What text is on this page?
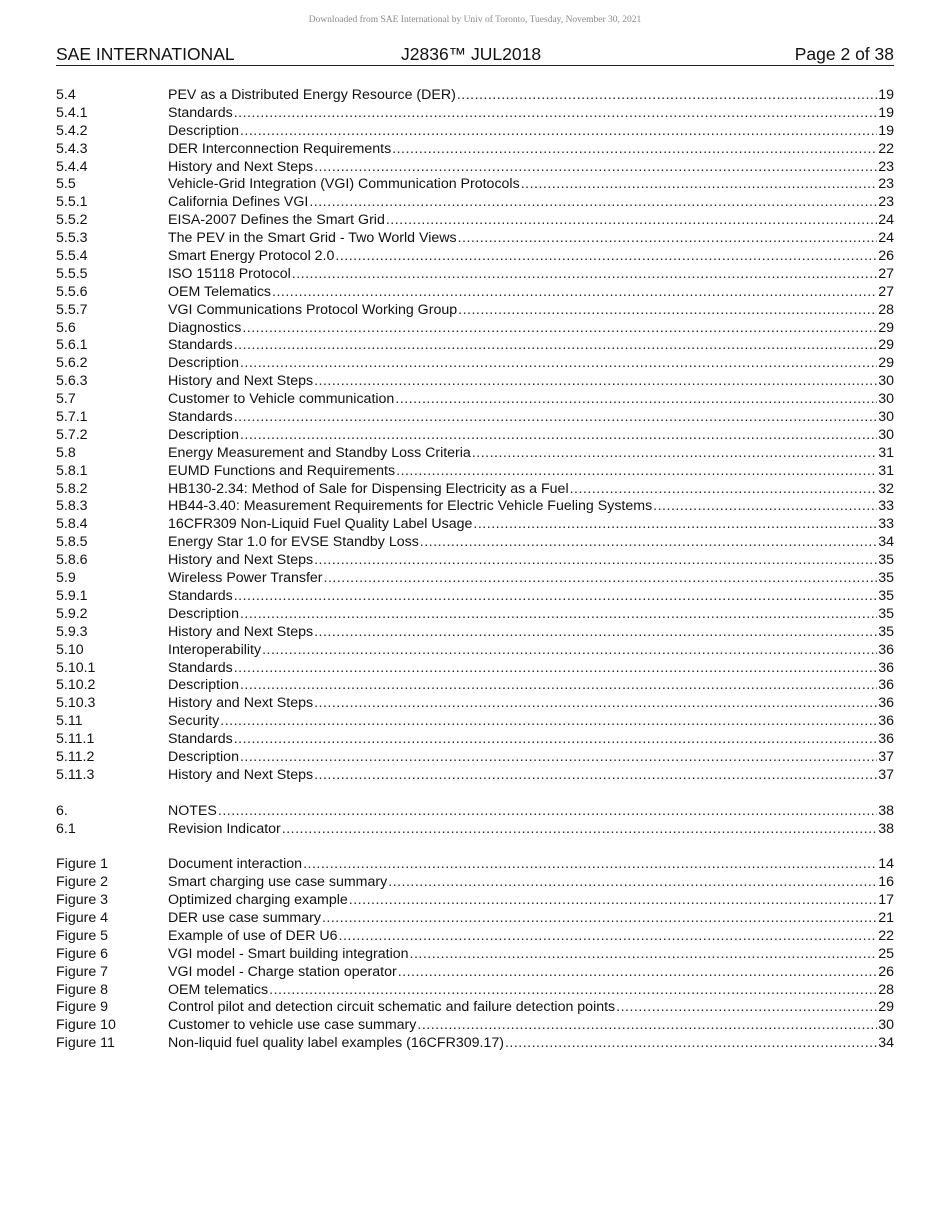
Downloaded from SAE International by Univ of Toronto, Tuesday, November 30, 2021
SAE INTERNATIONAL	J2836™ JUL2018	Page 2 of 38
5.4	PEV as a Distributed Energy Resource (DER) .....	19
5.4.1	Standards .....	19
5.4.2	Description .....	19
5.4.3	DER Interconnection Requirements .....	22
5.4.4	History and Next Steps .....	23
5.5	Vehicle-Grid Integration (VGI) Communication Protocols .....	23
5.5.1	California Defines VGI .....	23
5.5.2	EISA-2007 Defines the Smart Grid .....	24
5.5.3	The PEV in the Smart Grid - Two World Views .....	24
5.5.4	Smart Energy Protocol 2.0 .....	26
5.5.5	ISO 15118 Protocol .....	27
5.5.6	OEM Telematics .....	27
5.5.7	VGI Communications Protocol Working Group .....	28
5.6	Diagnostics .....	29
5.6.1	Standards .....	29
5.6.2	Description .....	29
5.6.3	History and Next Steps .....	30
5.7	Customer to Vehicle communication .....	30
5.7.1	Standards .....	30
5.7.2	Description .....	30
5.8	Energy Measurement and Standby Loss Criteria .....	31
5.8.1	EUMD Functions and Requirements .....	31
5.8.2	HB130-2.34: Method of Sale for Dispensing Electricity as a Fuel .....	32
5.8.3	HB44-3.40: Measurement Requirements for Electric Vehicle Fueling Systems .....	33
5.8.4	16CFR309 Non-Liquid Fuel Quality Label Usage .....	33
5.8.5	Energy Star 1.0 for EVSE Standby Loss .....	34
5.8.6	History and Next Steps .....	35
5.9	Wireless Power Transfer .....	35
5.9.1	Standards .....	35
5.9.2	Description .....	35
5.9.3	History and Next Steps .....	35
5.10	Interoperability .....	36
5.10.1	Standards .....	36
5.10.2	Description .....	36
5.10.3	History and Next Steps .....	36
5.11	Security .....	36
5.11.1	Standards .....	36
5.11.2	Description .....	37
5.11.3	History and Next Steps .....	37
6.	NOTES .....	38
6.1	Revision Indicator .....	38
Figure 1	Document interaction .....	14
Figure 2	Smart charging use case summary .....	16
Figure 3	Optimized charging example .....	17
Figure 4	DER use case summary .....	21
Figure 5	Example of use of DER U6 .....	22
Figure 6	VGI model - Smart building integration .....	25
Figure 7	VGI model - Charge station operator .....	26
Figure 8	OEM telematics .....	28
Figure 9	Control pilot and detection circuit schematic and failure detection points .....	29
Figure 10	Customer to vehicle use case summary .....	30
Figure 11	Non-liquid fuel quality label examples (16CFR309.17) .....	34
